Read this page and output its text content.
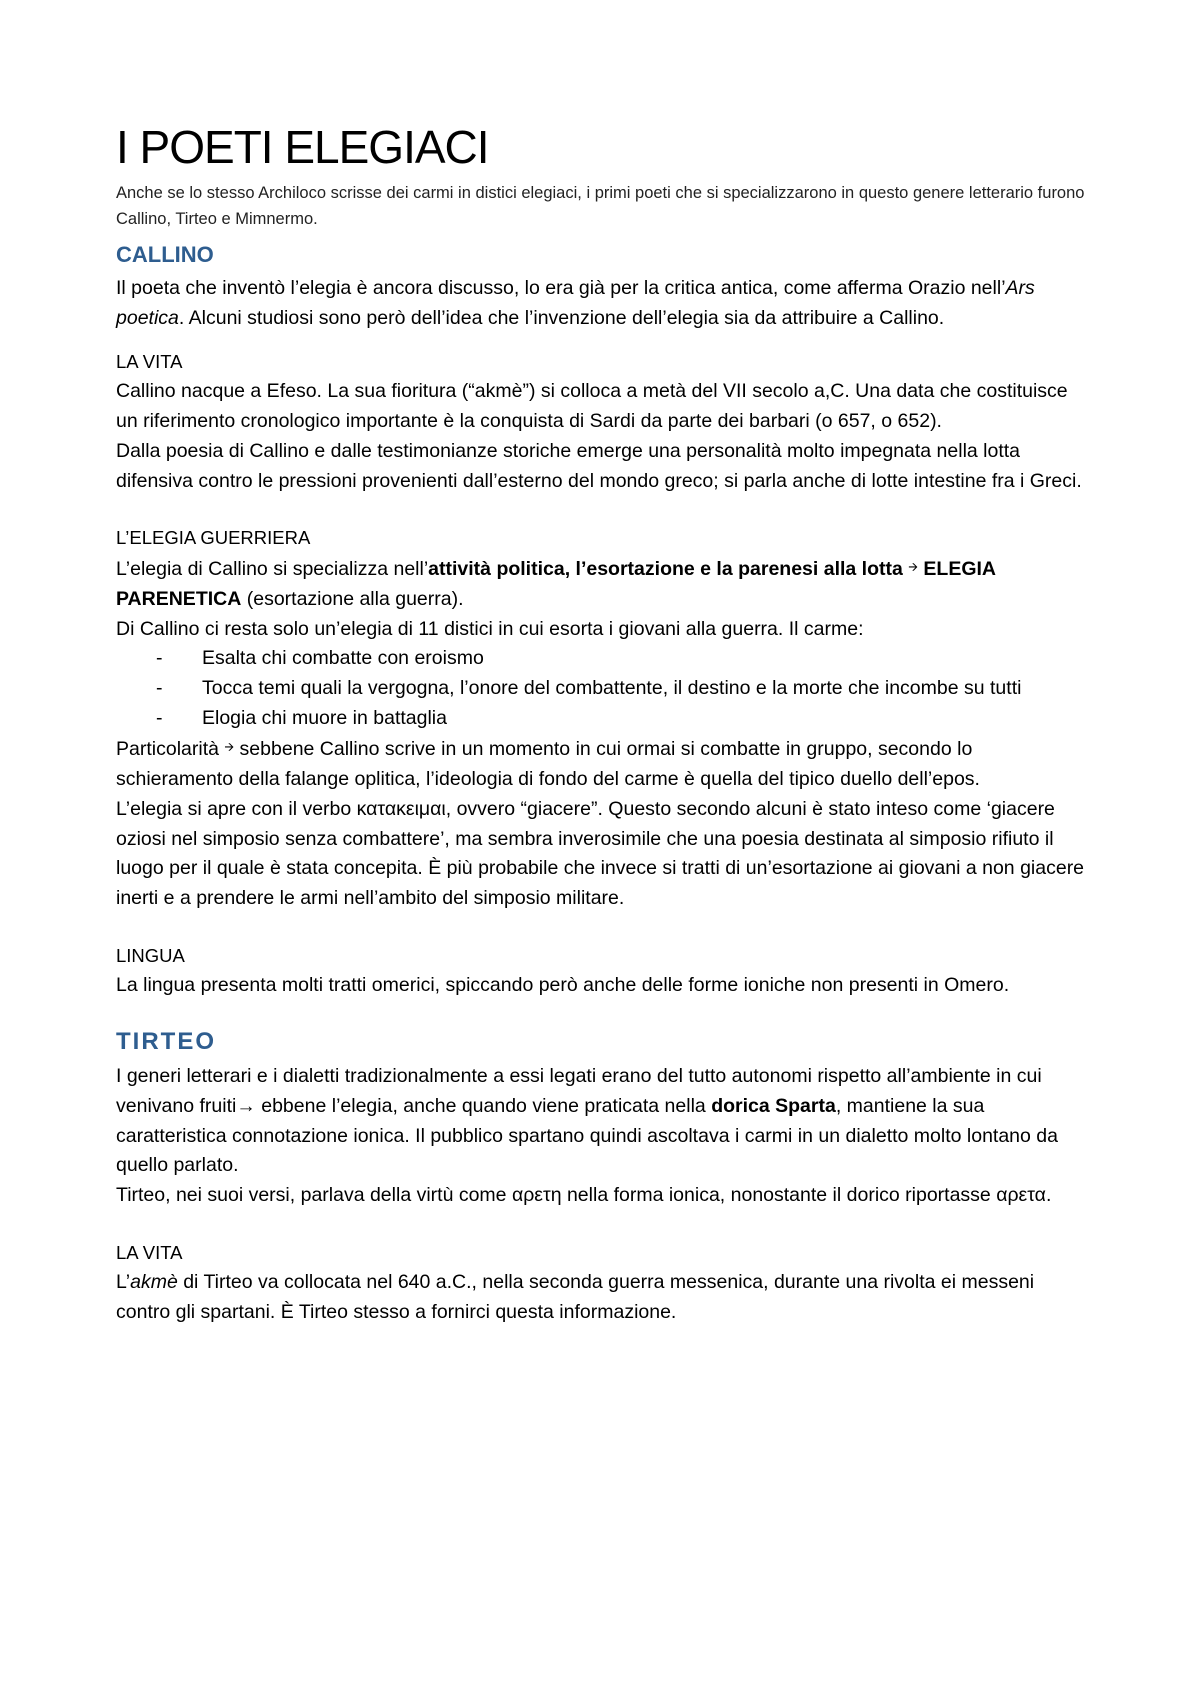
I POETI ELEGIACI

Anche se lo stesso Archiloco scrisse dei carmi in distici elegiaci, i primi poeti che si specializzarono in questo genere letterario furono Callino, Tirteo e Mimnermo.

CALLINO

Il poeta che inventò l’elegia è ancora discusso, lo era già per la critica antica, come afferma Orazio nell’Ars poetica. Alcuni studiosi sono però dell’idea che l’invenzione dell’elegia sia da attribuire a Callino.

LA VITA

Callino nacque a Efeso. La sua fioritura (“akmè”) si colloca a metà del VII secolo a,C. Una data che costituisce un riferimento cronologico importante è la conquista di Sardi da parte dei barbari (o 657, o 652).

Dalla poesia di Callino e dalle testimonianze storiche emerge una personalità molto impegnata nella lotta difensiva contro le pressioni provenienti dall’esterno del mondo greco; si parla anche di lotte intestine fra i Greci.

L’ELEGIA GUERRIERA

L’elegia di Callino si specializza nell’attività politica, l’esortazione e la parenesi alla lotta 🡪 ELEGIA PARENETICA (esortazione alla guerra).

Di Callino ci resta solo un’elegia di 11 distici in cui esorta i giovani alla guerra. Il carme:

- Esalta chi combatte con eroismo
- Tocca temi quali la vergogna, l’onore del combattente, il destino e la morte che incombe su tutti
- Elogia chi muore in battaglia

Particolarità 🡪 sebbene Callino scrive in un momento in cui ormai si combatte in gruppo, secondo lo schieramento della falange oplitica, l’ideologia di fondo del carme è quella del tipico duello dell’epos.

L’elegia si apre con il verbo κατακειμαι, ovvero “giacere”. Questo secondo alcuni è stato inteso come ‘giacere oziosi nel simposio senza combattere’, ma sembra inverosimile che una poesia destinata al simposio rifiuto il luogo per il quale è stata concepita. È più probabile che invece si tratti di un’esortazione ai giovani a non giacere inerti e a prendere le armi nell’ambito del simposio militare.

LINGUA

La lingua presenta molti tratti omerici, spiccando però anche delle forme ioniche non presenti in Omero.

TIRTEO

I generi letterari e i dialetti tradizionalmente a essi legati erano del tutto autonomi rispetto all’ambiente in cui venivano fruiti→ ebbene l’elegia, anche quando viene praticata nella dorica Sparta, mantiene la sua caratteristica connotazione ionica. Il pubblico spartano quindi ascoltava i carmi in un dialetto molto lontano da quello parlato.

Tirteo, nei suoi versi, parlava della virtù come αρετη nella forma ionica, nonostante il dorico riportasse αρετα.

LA VITA

L’akmè di Tirteo va collocata nel 640 a.C., nella seconda guerra messenica, durante una rivolta ei messeni contro gli spartani. È Tirteo stesso a fornirci questa informazione.
